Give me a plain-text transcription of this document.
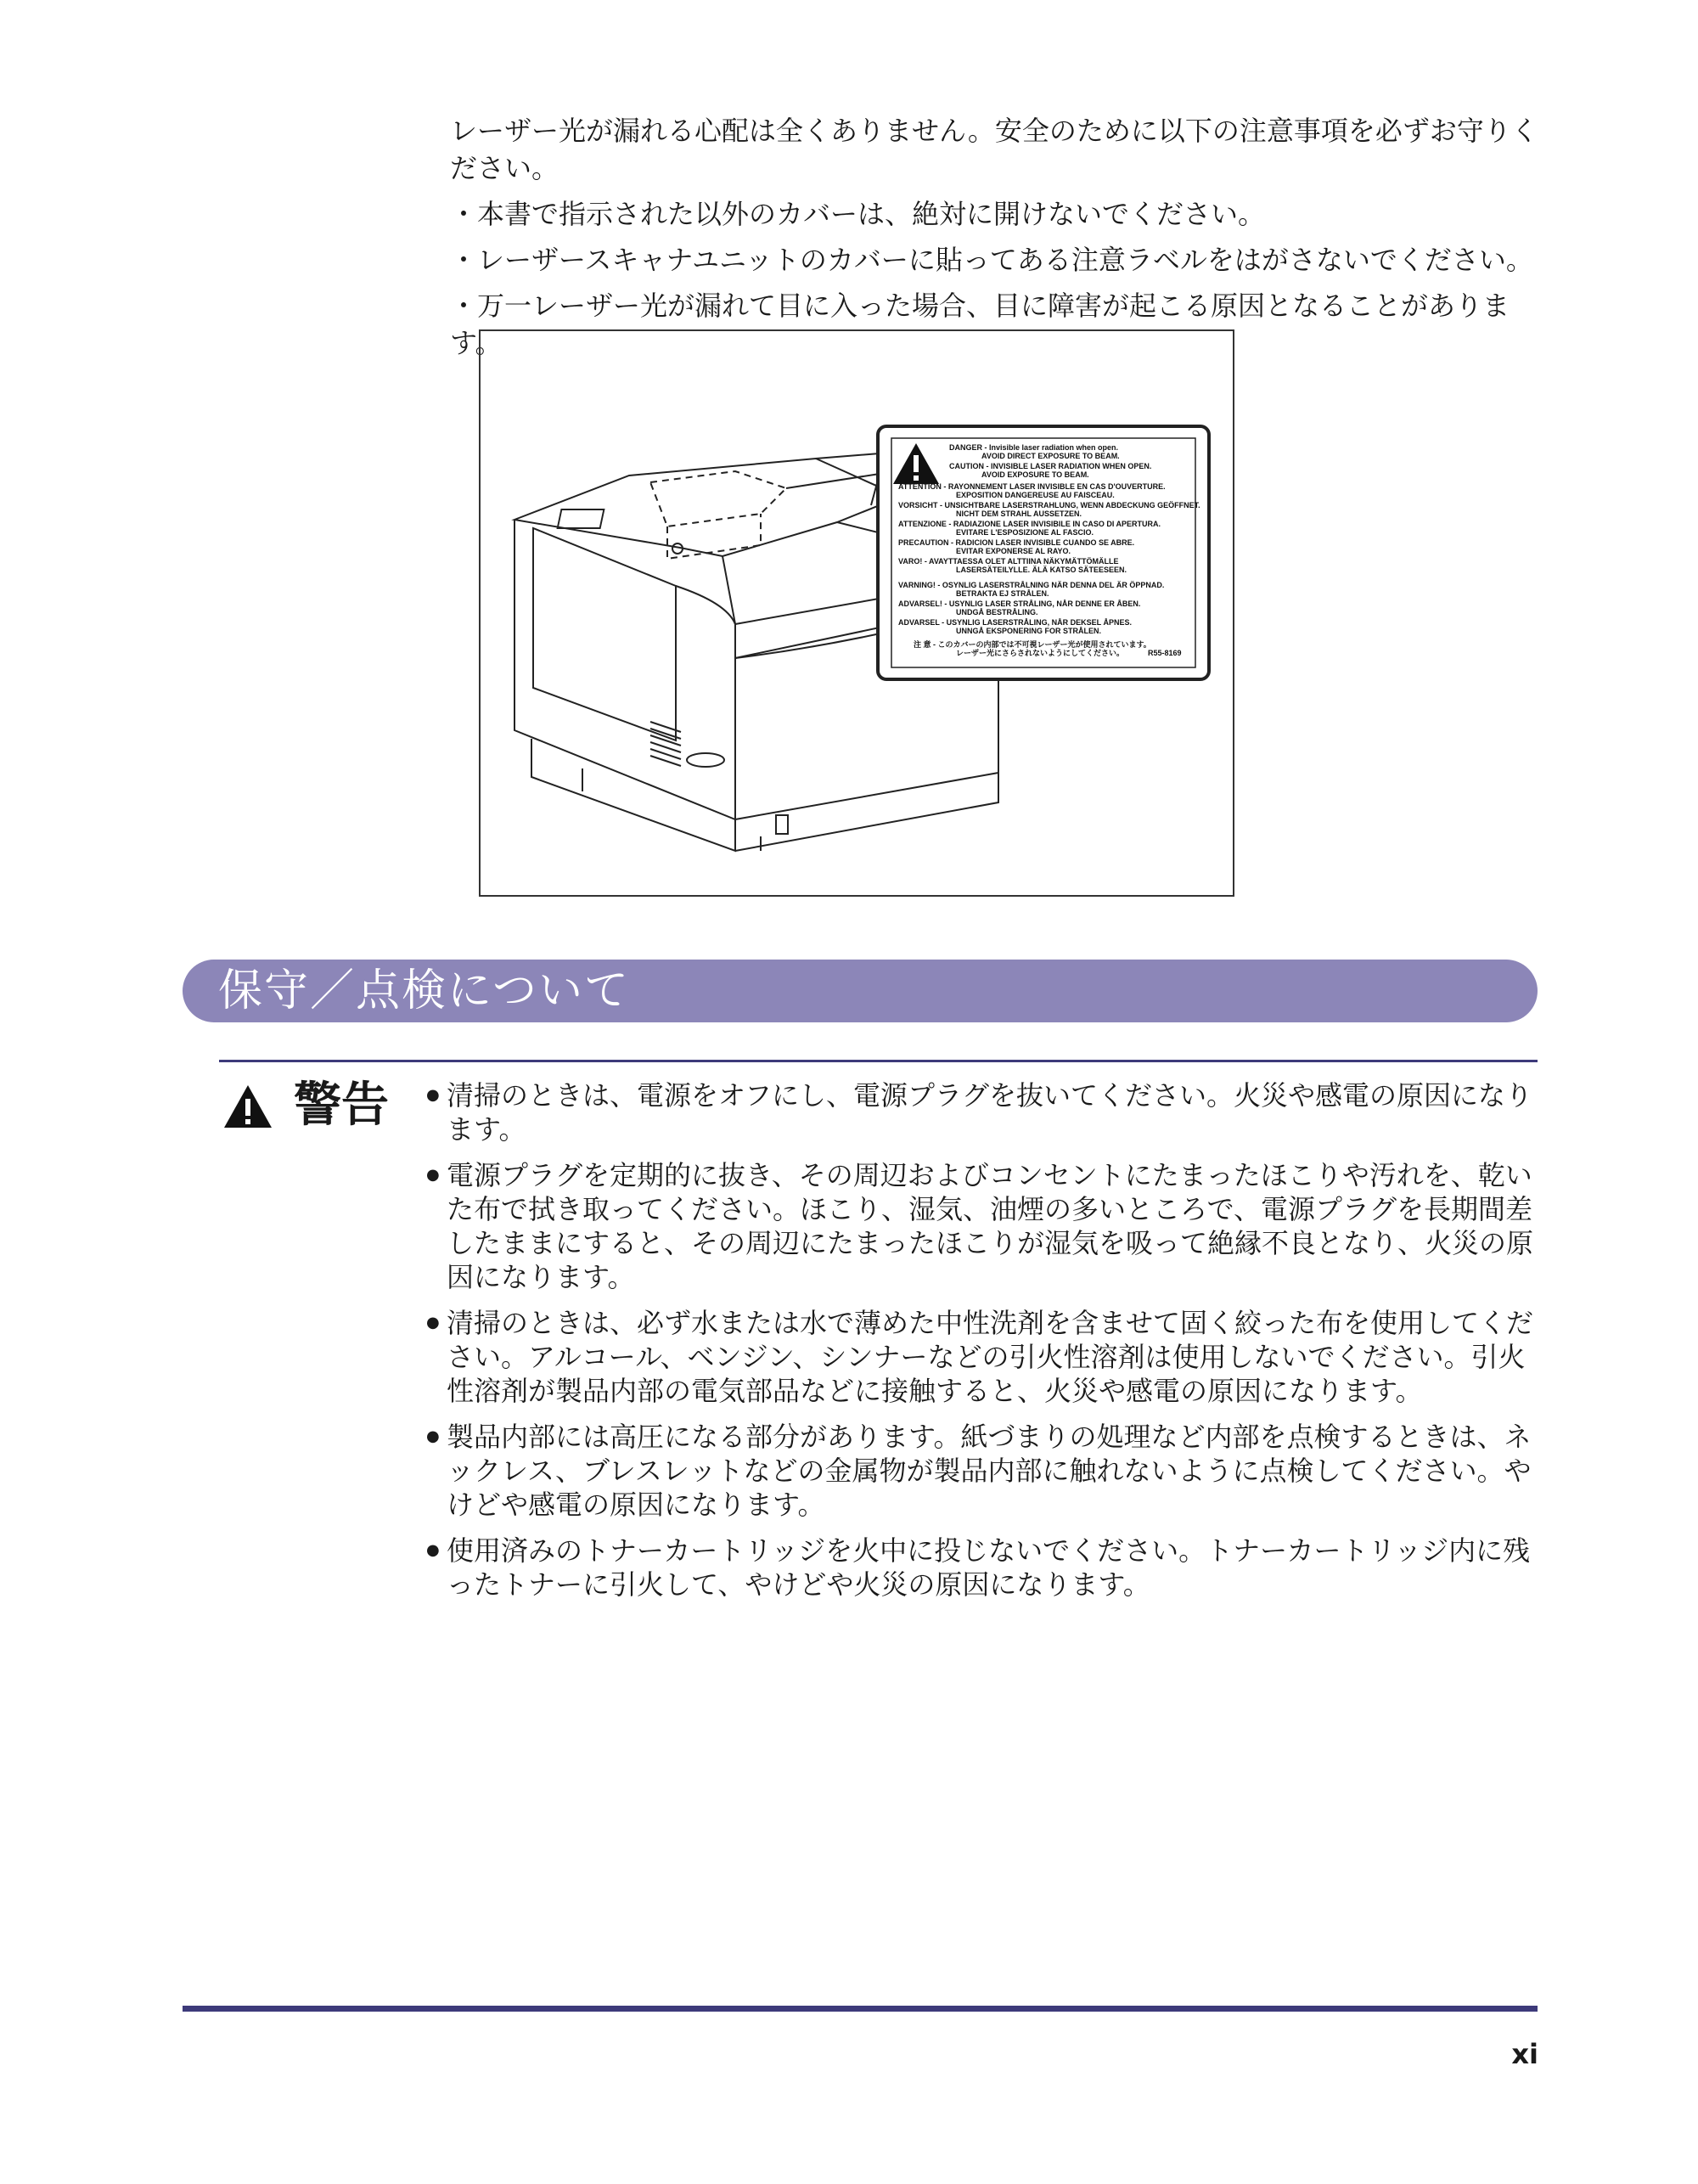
レーザー光が漏れる心配は全くありません。安全のために以下の注意事項を必ずお守りください。

・本書で指示された以外のカバーは、絶対に開けないでください。

・レーザースキャナユニットのカバーに貼ってある注意ラベルをはがさないでください。

・万一レーザー光が漏れて目に入った場合、目に障害が起こる原因となることがあります。

DANGER - Invisible laser radiation when open.
AVOID DIRECT EXPOSURE TO BEAM.
CAUTION - INVISIBLE LASER RADIATION WHEN OPEN.
AVOID EXPOSURE TO BEAM.
ATTENTION - RAYONNEMENT LASER INVISIBLE EN CAS D'OUVERTURE.
EXPOSITION DANGEREUSE AU FAISCEAU.
VORSICHT - UNSICHTBARE LASERSTRAHLUNG, WENN ABDECKUNG GEÖFFNET.
NICHT DEM STRAHL AUSSETZEN.
ATTENZIONE - RADIAZIONE LASER INVISIBILE IN CASO DI APERTURA.
EVITARE L'ESPOSIZIONE AL FASCIO.
PRECAUTION - RADICION LASER INVISIBLE CUANDO SE ABRE.
EVITAR EXPONERSE AL RAYO.
VARO! - AVAYTTAESSA OLET ALTTIINA NÄKYMÄTTÖMÄLLE
LASERSÄTEILYLLE. ÄLÄ KATSO SÄTEESEEN.
VARNING! - OSYNLIG LASERSTRÅLNING NÄR DENNA DEL ÄR ÖPPNAD.
BETRAKTA EJ STRÅLEN.
ADVARSEL! - USYNLIG LASER STRÅLING, NÅR DENNE ER ÅBEN.
UNDGÅ BESTRÅLING.
ADVARSEL - USYNLIG LASERSTRÅLING, NÅR DEKSEL ÅPNES.
UNNGÅ EKSPONERING FOR STRÅLEN.
注 意 - このカバーの内部では不可視レーザー光が使用されています。
レーザー光にさらされないようにしてください。	R55-8169
保守／点検について
警告
●	清掃のときは、電源をオフにし、電源プラグを抜いてください。火災や感電の原因になります。
● 電源プラグを定期的に抜き、その周辺およびコンセントにたまったほこりや汚れを、乾いた布で拭き取ってください。ほこり、湿気、油煙の多いところで、電源プラグを長期間差したままにすると、その周辺にたまったほこりが湿気を吸って絶縁不良となり、火災の原因になります。
● 清掃のときは、必ず水または水で薄めた中性洗剤を含ませて固く絞った布を使用してください。アルコール、ベンジン、シンナーなどの引火性溶剤は使用しないでください。引火性溶剤が製品内部の電気部品などに接触すると、火災や感電の原因になります。
● 製品内部には高圧になる部分があります。紙づまりの処理など内部を点検するときは、ネックレス、ブレスレットなどの金属物が製品内部に触れないように点検してください。やけどや感電の原因になります。
● 使用済みのトナーカートリッジを火中に投じないでください。トナーカートリッジ内に残ったトナーに引火して、やけどや火災の原因になります。
xi
